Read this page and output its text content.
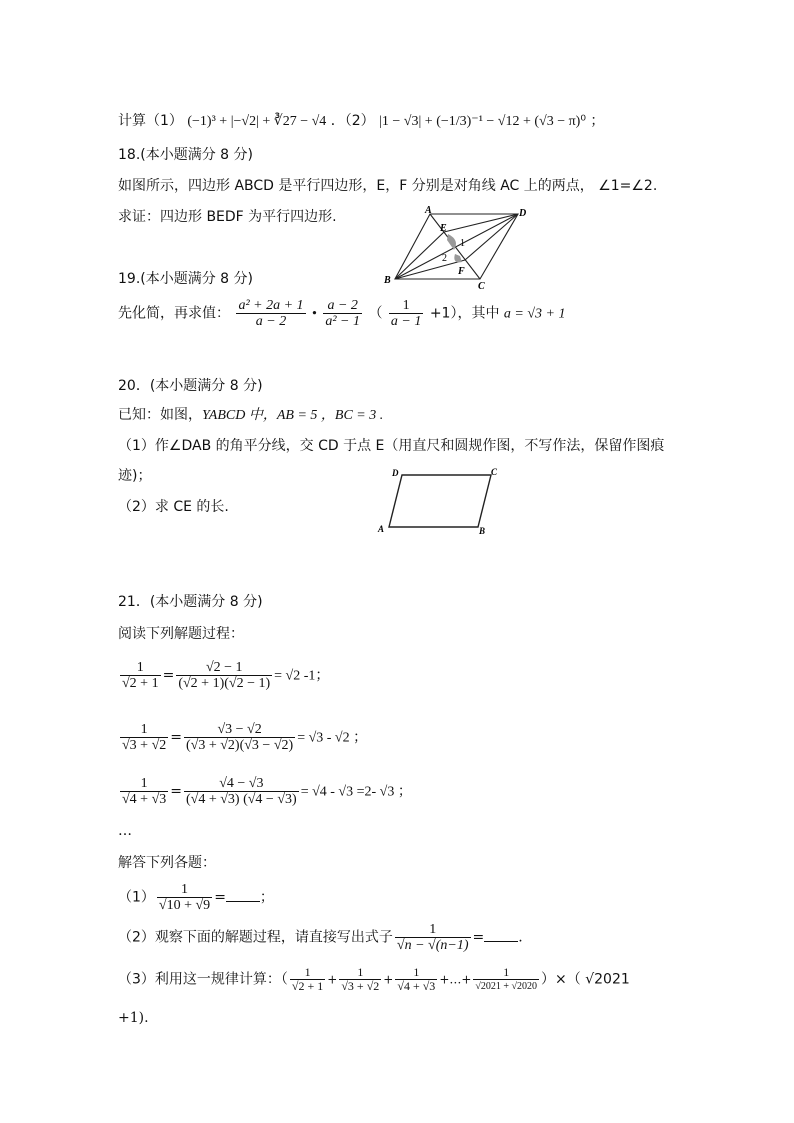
计算（1） (−1)³ + |−√2| + ∛27 − √4 ．（2） |1 − √3| + (−1/3)⁻¹ − √12 + (√3 − π)⁰ ；
18.(本小题满分 8 分)
如图所示，四边形 ABCD 是平行四边形，E，F 分别是对角线 AC 上的两点， ∠1=∠2.
求证：四边形 BEDF 为平行四边形.	A	D
E
1
2
F
B
C
19.(本小题满分 8 分)
先化简，再求值： $\frac{\text{a² + 2a + 1}}{a - 2}$ • $\frac{a - 2}{\text{a² − 1}}$ （ $\frac{1}{a - 1} +1$），其中 a = √3 + 1
20．(本小题满分 8 分)
已知：如图，YABCD 中，AB = 5 ，BC = 3 .
（1）作∠DAB 的角平分线，交 CD 于点 E（用直尺和圆规作图，不写作法，保留作图痕
迹)；
（2）求 CE 的长.
D	C
A	B
21．(本小题满分 8 分)
阅读下列解题过程：
$\frac{1}{√2 + 1} = \frac{√2 - 1}{(√2 + 1)(√2 - 1)} = √2$ -1；
$\frac{1}{√3 + √2} = \frac{√3 - √2}{(√3 + √2)(√3 - √2)} = √3 - √2$ ；
$\frac{1}{√4 + √3} = \frac{√4 - √3}{(√4 + √3) (√4 - √3)} = √4 - √3 =2-$ √3 ；
…
解答下列各题：
$(1) \frac{1}{√10 + √9}$ = ；
（2）观察下面的解题过程，请直接写出式子 $\frac{1}{√n - √(n-1)}$ = .
（3）利用这一规律计算：（ $\frac{1}{√2 + 1} + \frac{1}{√3 + √2} + \frac{1}{√4 + √3}$ +…+ $\frac{1}{√2021 + √2020}$ ）×（ √2021
+1).
